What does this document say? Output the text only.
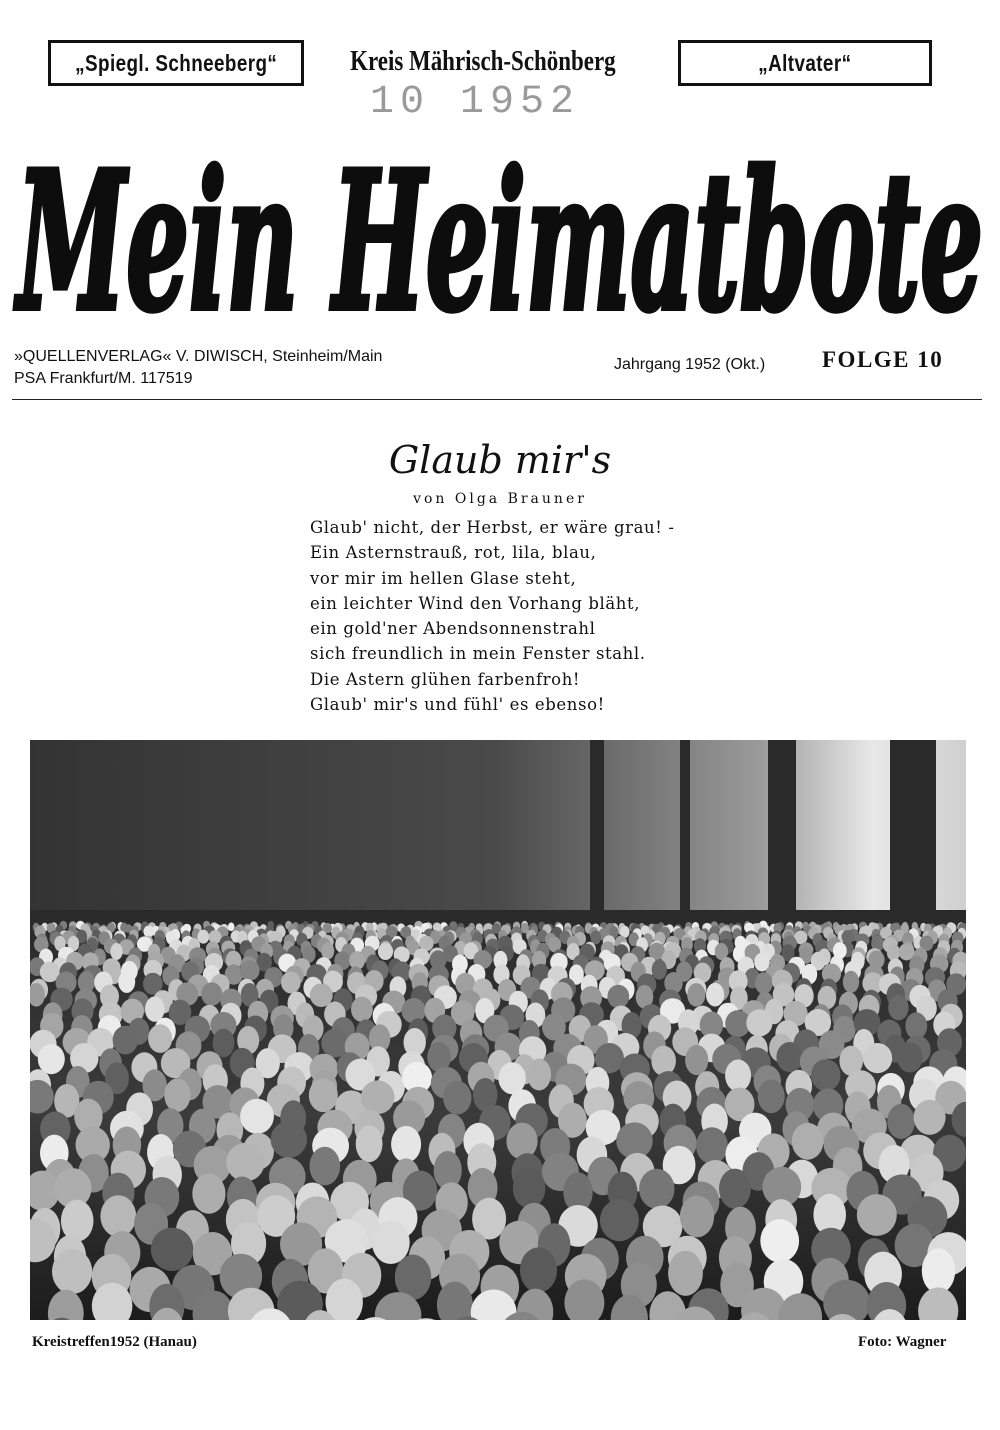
„Spiegl. Schneeberg“	Kreis Mährisch-Schönberg	„Altvater“
10 1952
Mein Heimatbote
»QUELLENVERLAG« V. DIWISCH, Steinheim/Main
PSA Frankfurt/M. 117519
Jahrgang 1952 (Okt.) FOLGE 10
Glaub mir's
von Olga Brauner
Glaub' nicht, der Herbst, er wäre grau! -
Ein Asternstrauß, rot, lila, blau,
vor mir im hellen Glase steht,
ein leichter Wind den Vorhang bläht,
ein gold'ner Abendsonnenstrahl
sich freundlich in mein Fenster stahl.
Die Astern glühen farbenfroh!
Glaub' mir's und fühl' es ebenso!
Kreistreffen1952 (Hanau)	Foto: Wagner
